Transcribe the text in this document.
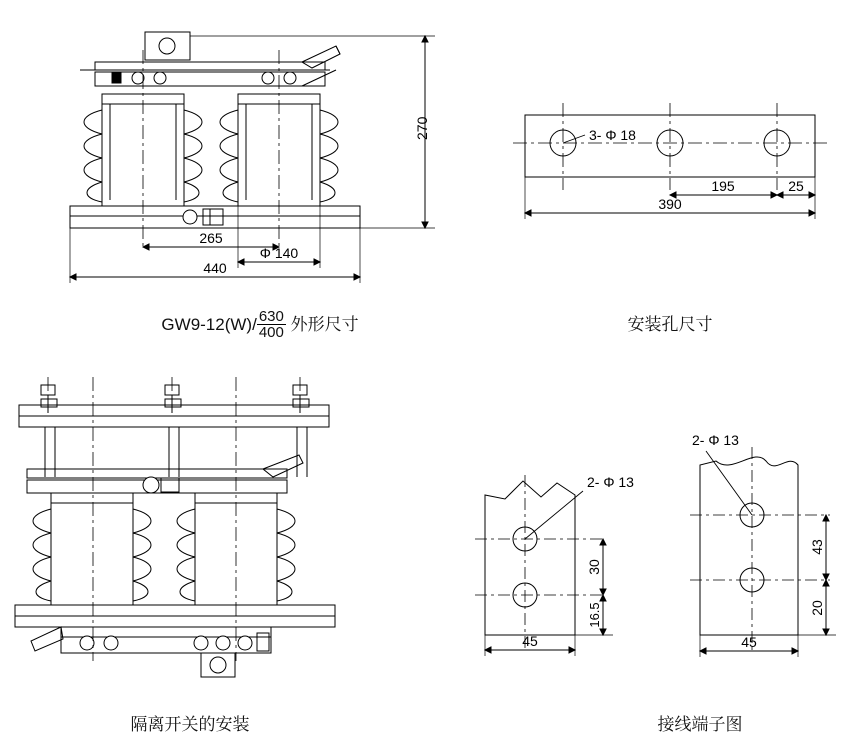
270
265
Φ 140
440
$GW9-12(W)/ \frac{630}{400}$ 外形尺寸
3- Φ 18
195	25
390
安装孔尺寸
隔离开关的安装
2- Φ 13
30
16.5
45
2- Φ 13
43
20
45
接线端子图
